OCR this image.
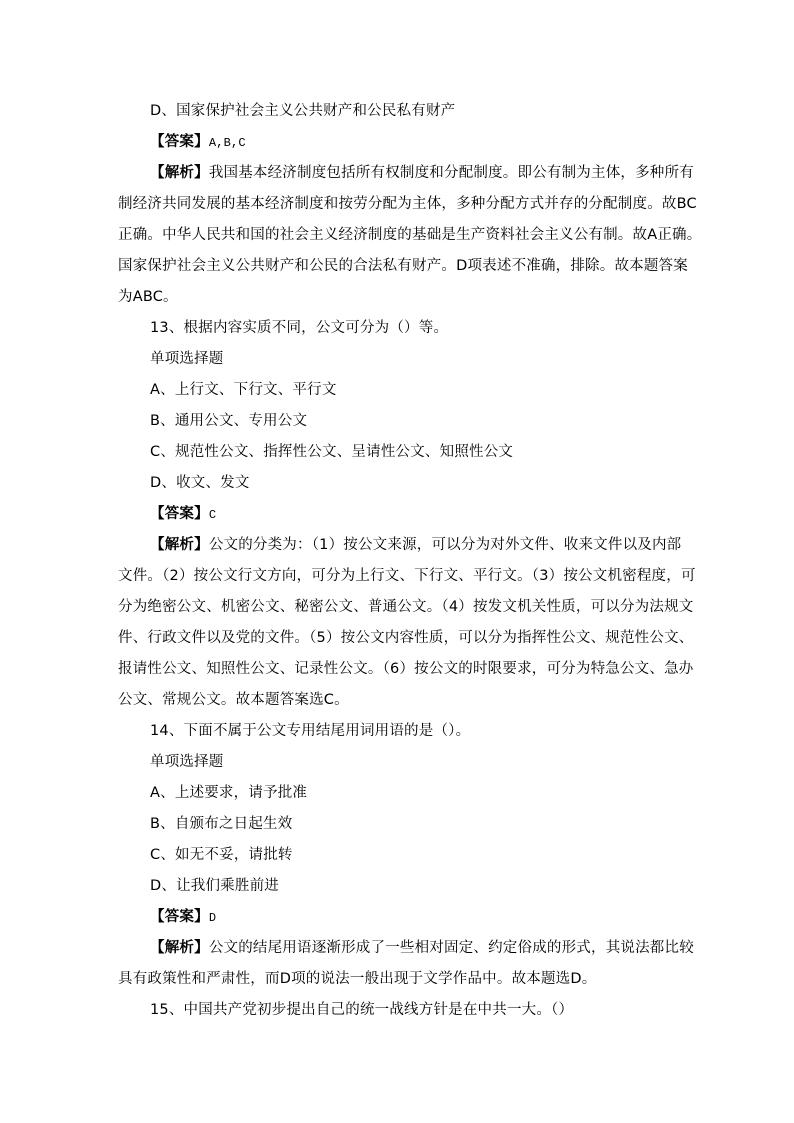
D、国家保护社会主义公共财产和公民私有财产
【答案】A,B,C
【解析】我国基本经济制度包括所有权制度和分配制度。即公有制为主体，多种所有
制经济共同发展的基本经济制度和按劳分配为主体，多种分配方式并存的分配制度。故BC
正确。中华人民共和国的社会主义经济制度的基础是生产资料社会主义公有制。故A正确。
国家保护社会主义公共财产和公民的合法私有财产。D项表述不准确，排除。故本题答案
为ABC。
13、根据内容实质不同，公文可分为（）等。
单项选择题
A、上行文、下行文、平行文
B、通用公文、专用公文
C、规范性公文、指挥性公文、呈请性公文、知照性公文
D、收文、发文
【答案】C
【解析】公文的分类为：（1）按公文来源，可以分为对外文件、收来文件以及内部
文件。（2）按公文行文方向，可分为上行文、下行文、平行文。（3）按公文机密程度，可
分为绝密公文、机密公文、秘密公文、普通公文。（4）按发文机关性质，可以分为法规文
件、行政文件以及党的文件。（5）按公文内容性质，可以分为指挥性公文、规范性公文、
报请性公文、知照性公文、记录性公文。（6）按公文的时限要求，可分为特急公文、急办
公文、常规公文。故本题答案选C。
14、下面不属于公文专用结尾用词用语的是（）。
单项选择题
A、上述要求，请予批准
B、自颁布之日起生效
C、如无不妥，请批转
D、让我们乘胜前进
【答案】D
【解析】公文的结尾用语逐渐形成了一些相对固定、约定俗成的形式，其说法都比较
具有政策性和严肃性，而D项的说法一般出现于文学作品中。故本题选D。
15、中国共产党初步提出自己的统一战线方针是在中共一大。（）
